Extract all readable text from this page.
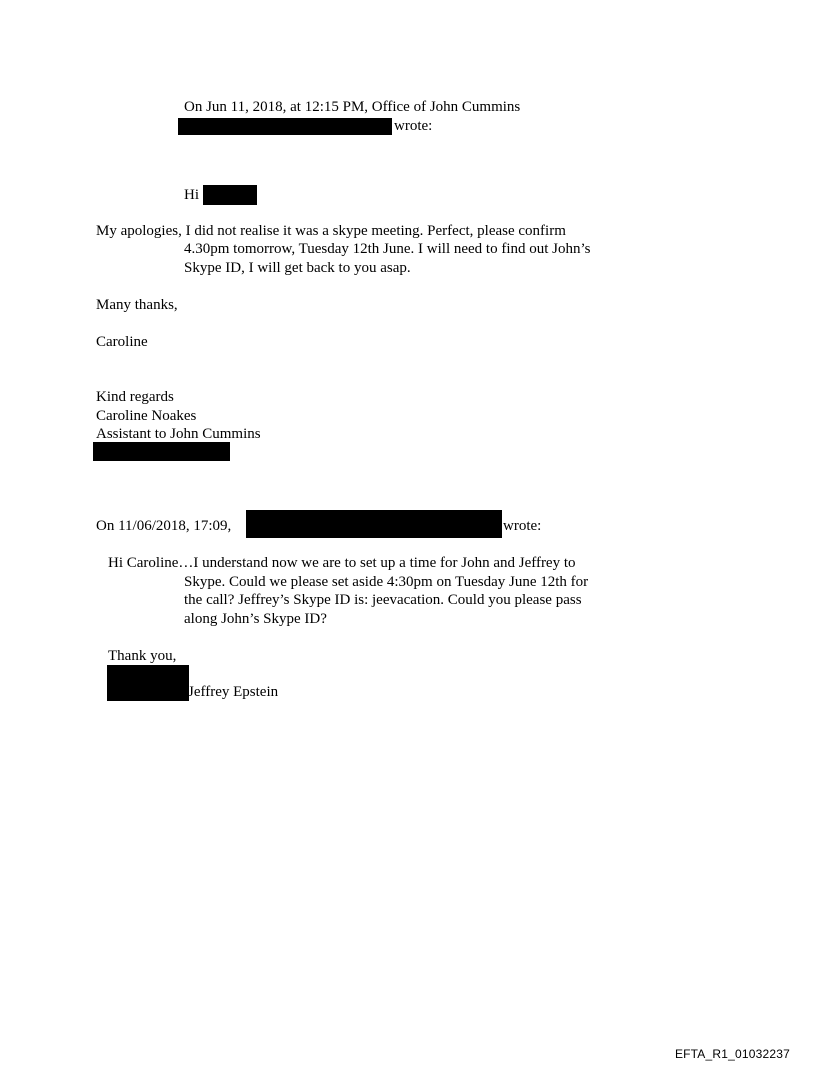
On Jun 11, 2018, at 12:15 PM, Office of John Cummins
wrote:
Hi
My apologies, I did not realise it was a skype meeting. Perfect, please confirm
4.30pm tomorrow, Tuesday 12th June. I will need to find out John’s
Skype ID, I will get back to you asap.
Many thanks,
Caroline
Kind regards
Caroline Noakes
Assistant to John Cummins
On 11/06/2018, 17:09,	wrote:
Hi Caroline…I understand now we are to set up a time for John and Jeffrey to
Skype. Could we please set aside 4:30pm on Tuesday June 12th for
the call? Jeffrey’s Skype ID is: jeevacation. Could you please pass
along John’s Skype ID?
Thank you,
Jeffrey Epstein
EFTA_R1_01032237
